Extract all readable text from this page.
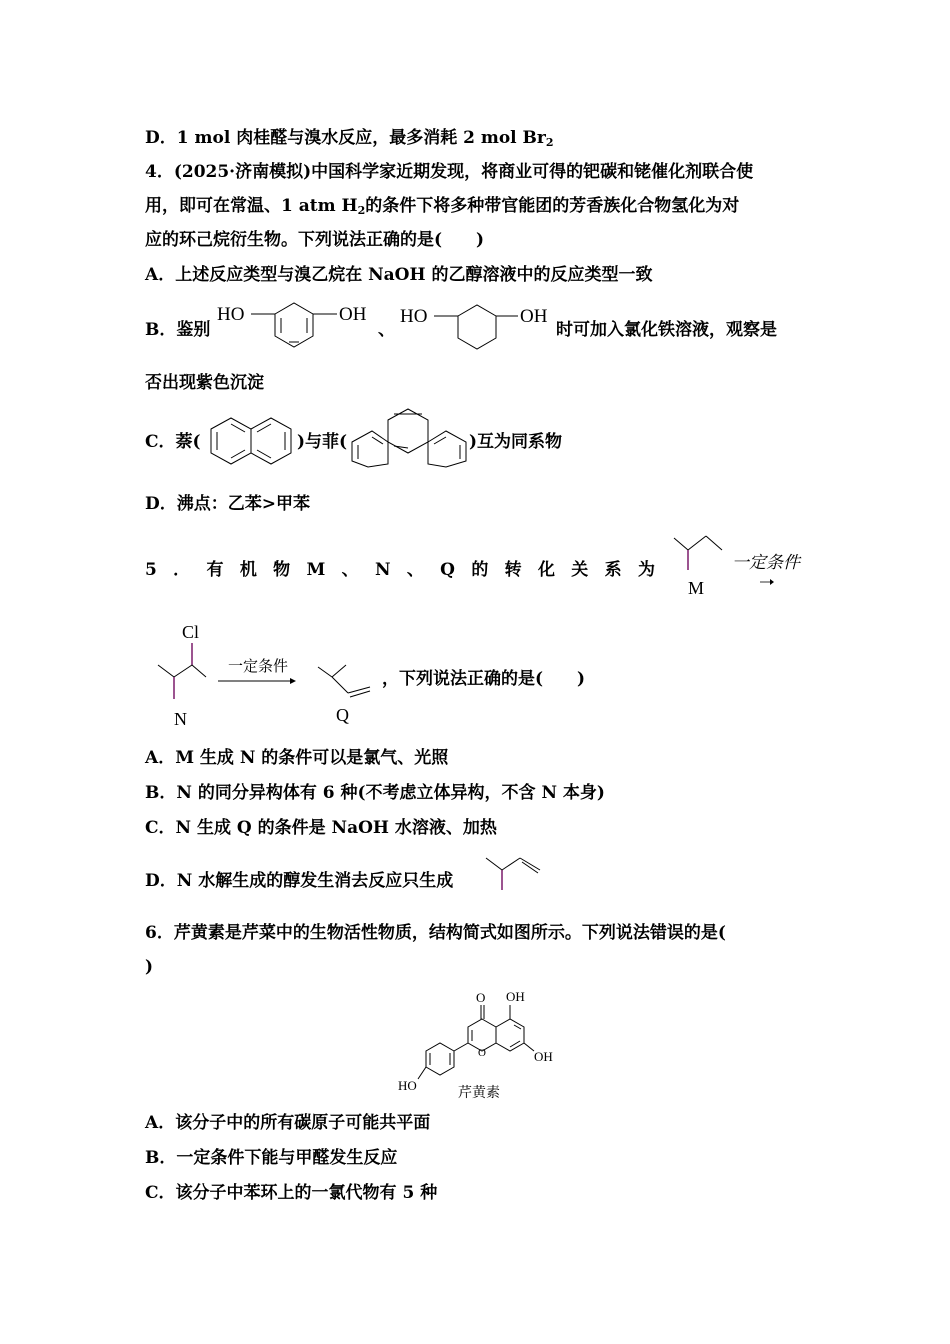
D．1 mol 肉桂醛与溴水反应，最多消耗 2 mol Br2
4．(2025·济南模拟)中国科学家近期发现，将商业可得的钯碳和铑催化剂联合使
用，即可在常温、1 atm H2的条件下将多种带官能团的芳香族化合物氢化为对
应的环己烷衍生物。下列说法正确的是(　　)
A．上述反应类型与溴乙烷在 NaOH 的乙醇溶液中的反应类型一致
B．鉴别
HO	OH
、
HO	OH
时可加入氯化铁溶液，观察是
否出现紫色沉淀
C．萘(	)与菲(	)互为同系物
D．沸点：乙苯>甲苯
5 ． 有 机 物 M 、 N 、 Q 的 转 化 关 系 为
M
一定条件
Cl
N
一定条件
Q
，下列说法正确的是(　　)
A．M 生成 N 的条件可以是氯气、光照
B．N 的同分异构体有 6 种(不考虑立体异构，不含 N 本身)
C．N 生成 Q 的条件是 NaOH 水溶液、加热
D．N 水解生成的醇发生消去反应只生成
6．芹黄素是芹菜中的生物活性物质，结构简式如图所示。下列说法错误的是(
)
O OH
OH
HO
O
芹黄素
A．该分子中的所有碳原子可能共平面
B．一定条件下能与甲醛发生反应
C．该分子中苯环上的一氯代物有 5 种
